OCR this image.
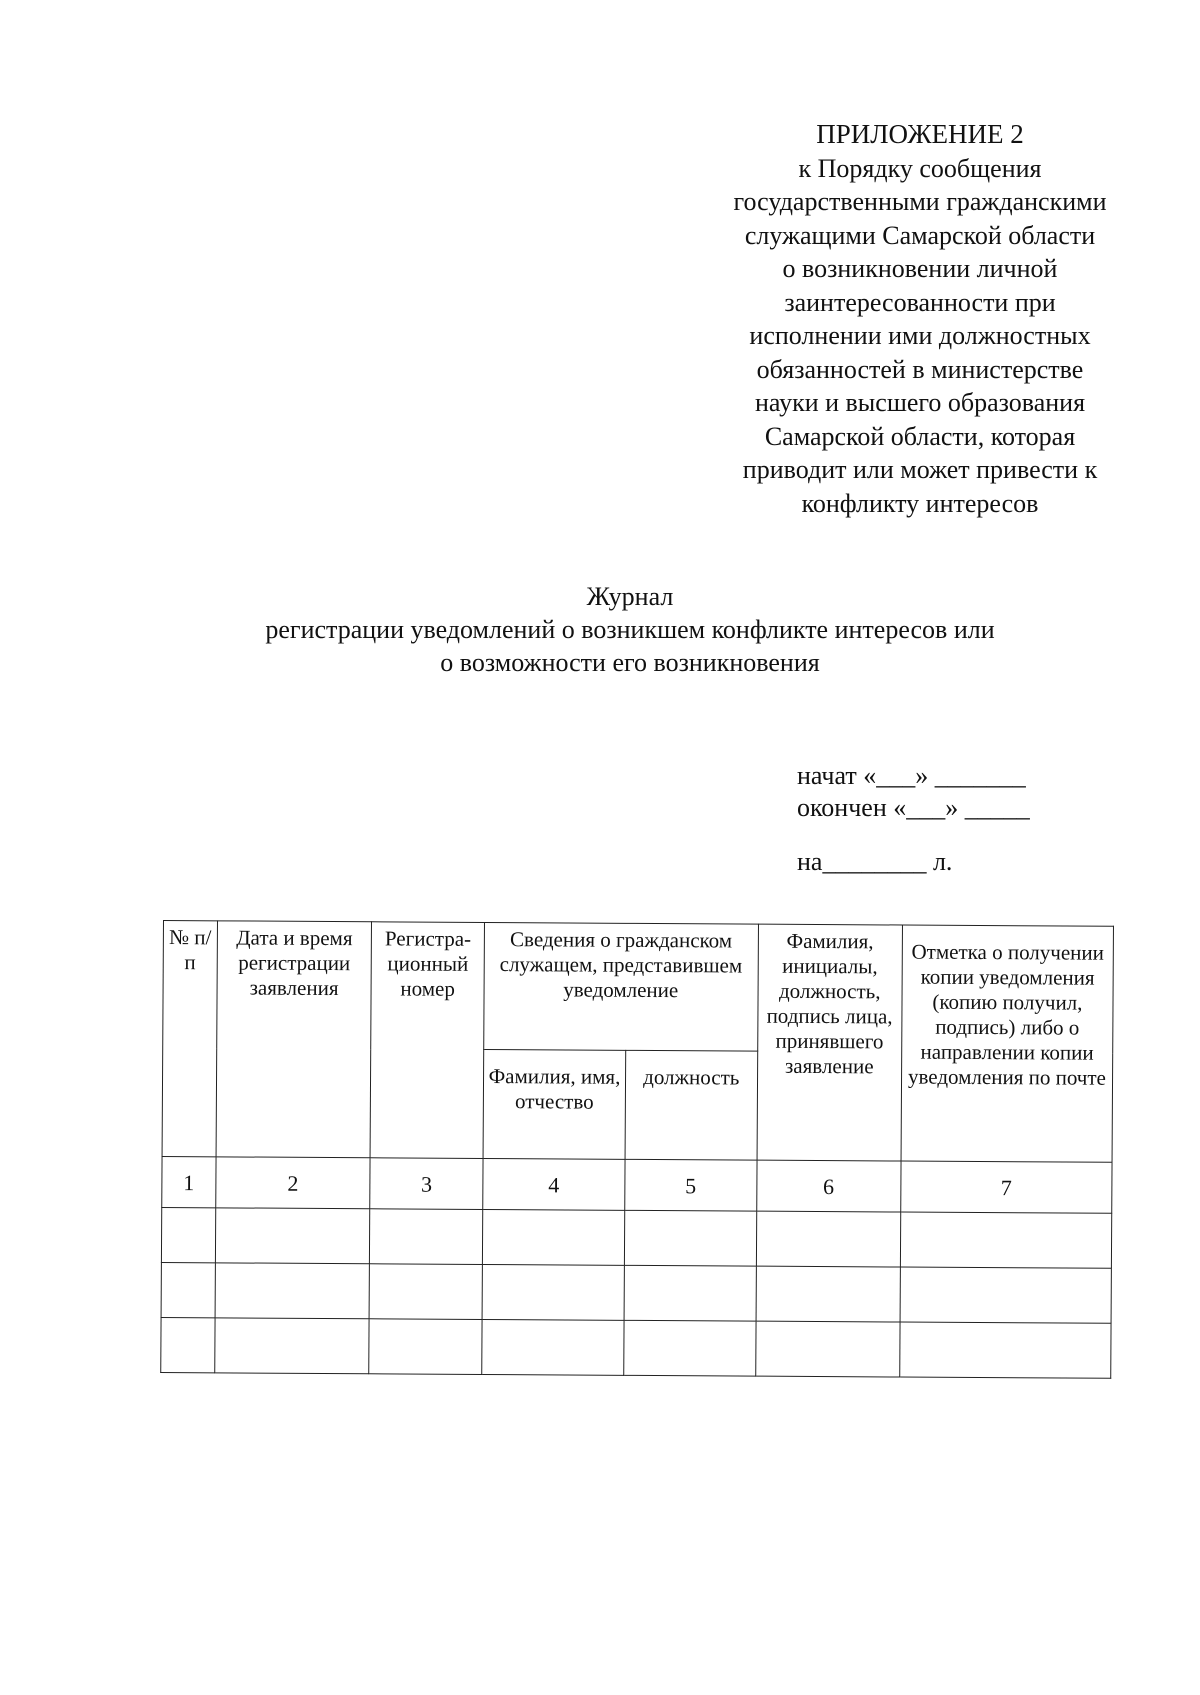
ПРИЛОЖЕНИЕ 2
к Порядку сообщения
государственными гражданскими
служащими Самарской области
о возникновении личной
заинтересованности при
исполнении ими должностных
обязанностей в министерстве
науки и высшего образования
Самарской области, которая
приводит или может привести к
конфликту интересов
Журнал
регистрации уведомлений о возникшем конфликте интересов или
о возможности его возникновения
начат «___» _______
окончен «___» _____
на________ л.
№ п/п	Дата и время регистрации заявления	Регистра-ционный номер	Сведения о гражданском служащем, представившем уведомление		Фамилия, инициалы, должность, подпись лица, принявшего заявление	Отметка о получении копии уведомления (копию получил, подпись) либо о направлении копии уведомления по почте

			Фамилия, имя, отчество	должность		

1	2	3	4	5	6	7
